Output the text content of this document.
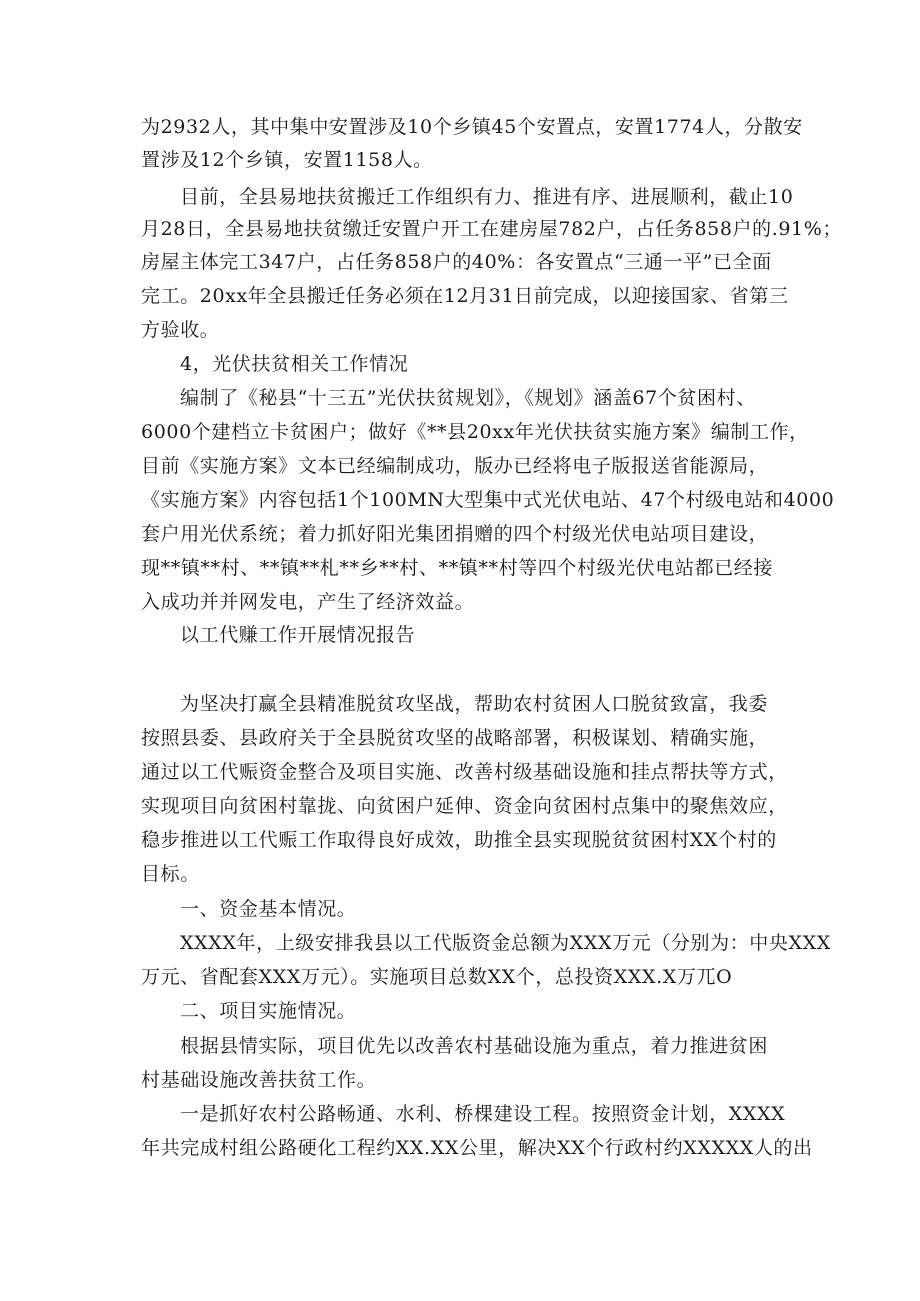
为2932人，其中集中安置涉及10个乡镇45个安置点，安置1774人，分散安
置涉及12个乡镇，安置1158人。
目前，全县易地扶贫搬迁工作组织有力、推进有序、进展顺利，截止10
月28日，全县易地扶贫缴迁安置户开工在建房屋782户，占任务858户的.91%；
房屋主体完工347户，占任务858户的40%：各安置点“三通一平”已全面
完工。20xx年全县搬迁任务必须在12月31日前完成，以迎接国家、省第三
方验收。
4，光伏扶贫相关工作情况
编制了《秘县“十三五”光伏扶贫规划》，《规划》涵盖67个贫困村、
6000个建档立卡贫困户；做好《**县20xx年光伏扶贫实施方案》编制工作，
目前《实施方案》文本已经编制成功，版办已经将电子版报送省能源局，
《实施方案》内容包括1个100MN大型集中式光伏电站、47个村级电站和4000
套户用光伏系统；着力抓好阳光集团捐赠的四个村级光伏电站项目建设，
现**镇**村、**镇**札**乡**村、**镇**村等四个村级光伏电站都已经接
入成功并并网发电，产生了经济效益。
以工代赚工作开展情况报告
为坚决打赢全县精准脱贫攻坚战，帮助农村贫困人口脱贫致富，我委
按照县委、县政府关于全县脱贫攻坚的战略部署，积极谋划、精确实施，
通过以工代赈资金整合及项目实施、改善村级基础设施和挂点帮扶等方式，
实现项目向贫困村靠拢、向贫困户延伸、资金向贫困村点集中的聚焦效应，
稳步推进以工代赈工作取得良好成效，助推全县实现脱贫贫困村XX个村的
目标。
一、资金基本情况。
XXXX年，上级安排我县以工代版资金总额为XXX万元（分别为：中央XXX
万元、省配套XXX万元）。实施项目总数XX个，总投资XXX.X万兀O
二、项目实施情况。
根据县情实际，项目优先以改善农村基础设施为重点，着力推进贫困
村基础设施改善扶贫工作。
一是抓好农村公路畅通、水利、桥棵建设工程。按照资金计划，XXXX
年共完成村组公路硬化工程约XX.XX公里，解决XX个行政村约XXXXX人的出
